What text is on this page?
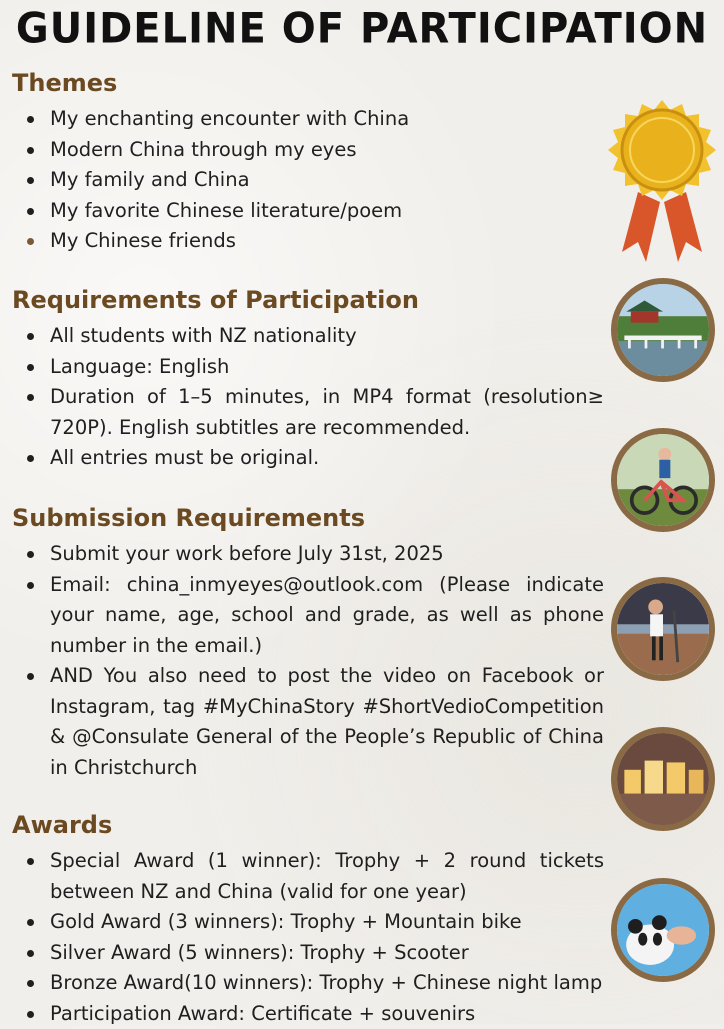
GUIDELINE OF PARTICIPATION
Themes
My enchanting encounter with China
Modern China through my eyes
My family and China
My favorite Chinese literature/poem
My Chinese friends
Requirements of Participation
All students with NZ nationality
Language: English
Duration of 1–5 minutes, in MP4 format (resolution≥ 720P). English subtitles are recommended.
All entries must be original.
Submission Requirements
Submit your work before July 31st, 2025
Email: china_inmyeyes@outlook.com (Please indicate your name, age, school and grade, as well as phone number in the email.)
AND You also need to post the video on Facebook or Instagram, tag #MyChinaStory #ShortVedioCompetition & @Consulate General of the People’s Republic of China in Christchurch
Awards
Special Award (1 winner): Trophy + 2 round tickets between NZ and China (valid for one year)
Gold Award (3 winners): Trophy + Mountain bike
Silver Award (5 winners): Trophy + Scooter
Bronze Award(10 winners): Trophy + Chinese night lamp
Participation Award: Certificate + souvenirs
